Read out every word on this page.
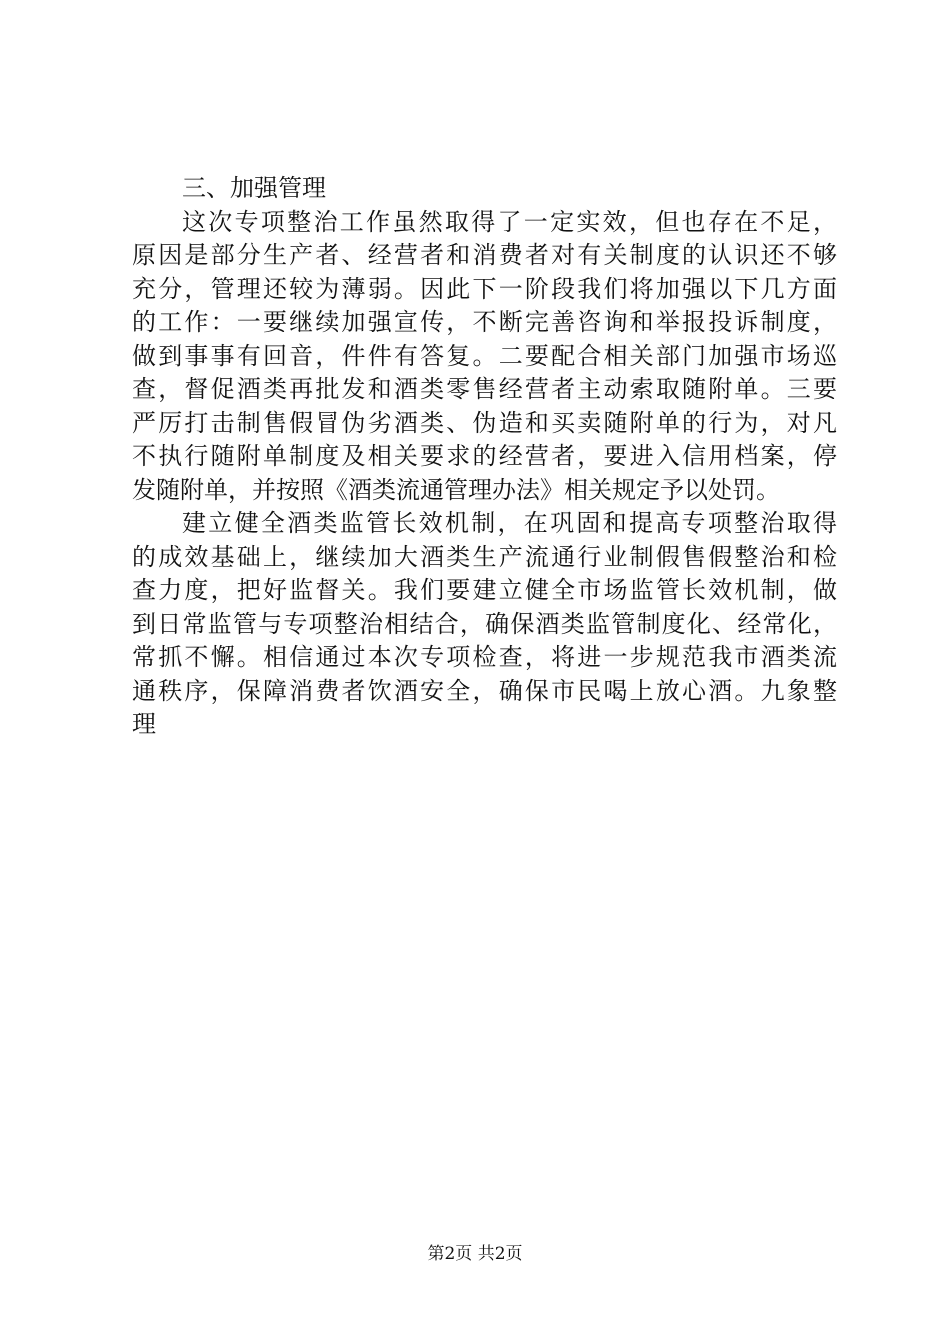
三、加强管理
这次专项整治工作虽然取得了一定实效，但也存在不足，
原因是部分生产者、经营者和消费者对有关制度的认识还不够
充分，管理还较为薄弱。因此下一阶段我们将加强以下几方面
的工作：一要继续加强宣传，不断完善咨询和举报投诉制度，
做到事事有回音，件件有答复。二要配合相关部门加强市场巡
查，督促酒类再批发和酒类零售经营者主动索取随附单。三要
严厉打击制售假冒伪劣酒类、伪造和买卖随附单的行为，对凡
不执行随附单制度及相关要求的经营者，要进入信用档案，停
发随附单，并按照《酒类流通管理办法》相关规定予以处罚。
建立健全酒类监管长效机制，在巩固和提高专项整治取得
的成效基础上，继续加大酒类生产流通行业制假售假整治和检
查力度，把好监督关。我们要建立健全市场监管长效机制，做
到日常监管与专项整治相结合，确保酒类监管制度化、经常化，
常抓不懈。相信通过本次专项检查，将进一步规范我市酒类流
通秩序，保障消费者饮酒安全，确保市民喝上放心酒。九象整
理
第2页 共2页
